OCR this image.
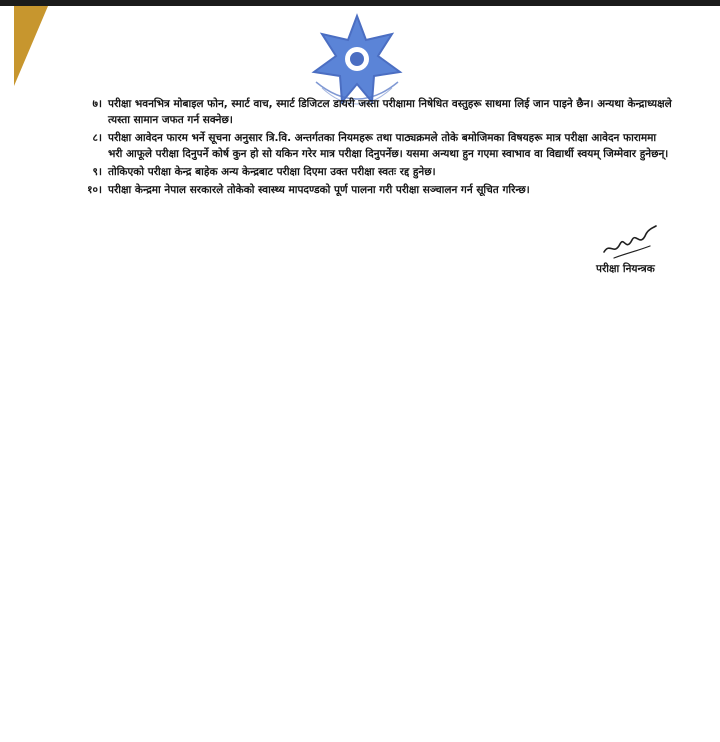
७। परीक्षा भवनभित्र मोबाइल फोन, स्मार्ट वाच, स्मार्ट डिजिटल डायरी जस्ता परीक्षामा निषेधित वस्तुहरू साथमा लिई जान पाइने छैन। अन्यथा केन्द्राध्यक्षले त्यस्ता सामान जफत गर्न सक्नेछ।
८। परीक्षा आवेदन फारम भर्ने सूचना अनुसार त्रि.वि. अन्तर्गतका नियमहरू तथा पाठ्यक्रमले तोके बमोजिमका विषयहरू मात्र परीक्षा आवेदन फाराममा भरी आफूले परीक्षा दिनुपर्ने कोर्ष कुन हो सो यकिन गरेर मात्र परीक्षा दिनुपर्नेछ। यसमा अन्यथा हुन गएमा स्वाभाव वा विद्यार्थी स्वयम् जिम्मेवार हुनेछन्।
९। तोकिएको परीक्षा केन्द्र बाहेक अन्य केन्द्रबाट परीक्षा दिएमा उक्त परीक्षा स्वतः रद्द हुनेछ।
१०। परीक्षा केन्द्रमा नेपाल सरकारले तोकेको स्वास्थ्य मापदण्डको पूर्ण पालना गरी परीक्षा सञ्चालन गर्न सूचित गरिन्छ।
परीक्षा नियन्त्रक
